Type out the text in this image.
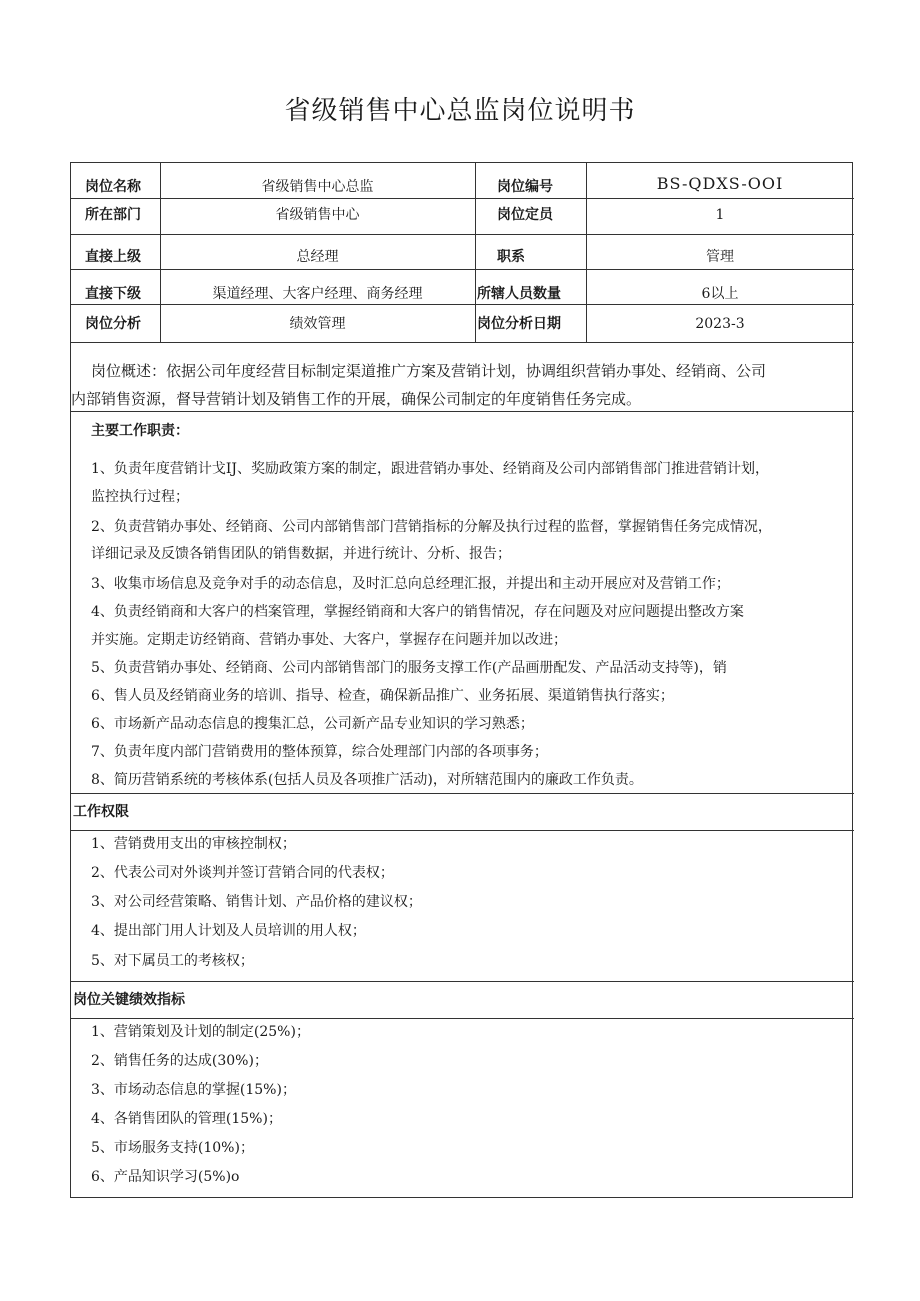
省级销售中心总监岗位说明书
岗位名称	省级销售中心总监	岗位编号	BS-QDXS-OOI
所在部门	省级销售中心	岗位定员	1
直接上级	总经理	职系	管理
直接下级	渠道经理、大客户经理、商务经理	所辖人员数量	6以上
岗位分析	绩效管理	岗位分析日期	2023-3
岗位概述：依据公司年度经营目标制定渠道推广方案及营销计划，协调组织营销办事处、经销商、公司
内部销售资源，督导营销计划及销售工作的开展，确保公司制定的年度销售任务完成。
主要工作职责：
1、负责年度营销计戈IJ、奖励政策方案的制定，跟进营销办事处、经销商及公司内部销售部门推进营销计划，
监控执行过程；
2、负责营销办事处、经销商、公司内部销售部门营销指标的分解及执行过程的监督，掌握销售任务完成情况，
详细记录及反馈各销售团队的销售数据，并进行统计、分析、报告；
3、收集市场信息及竞争对手的动态信息，及时汇总向总经理汇报，并提出和主动开展应对及营销工作；
4、负责经销商和大客户的档案管理，掌握经销商和大客户的销售情况，存在问题及对应问题提出整改方案
并实施。定期走访经销商、营销办事处、大客户，掌握存在问题并加以改进；
5、负责营销办事处、经销商、公司内部销售部门的服务支撑工作(产品画册配发、产品活动支持等)，销
6、售人员及经销商业务的培训、指导、检查，确保新品推广、业务拓展、渠道销售执行落实；
6、市场新产品动态信息的搜集汇总，公司新产品专业知识的学习熟悉；
7、负责年度内部门营销费用的整体预算，综合处理部门内部的各项事务；
8、简历营销系统的考核体系(包括人员及各项推广活动)，对所辖范围内的廉政工作负责。
工作权限
1、营销费用支出的审核控制权；
2、代表公司对外谈判并签订营销合同的代表权；
3、对公司经营策略、销售计划、产品价格的建议权；
4、提出部门用人计划及人员培训的用人权；
5、对下属员工的考核权；
岗位关键绩效指标
1、营销策划及计划的制定(25%)；
2、销售任务的达成(30%)；
3、市场动态信息的掌握(15%)；
4、各销售团队的管理(15%)；
5、市场服务支持(10%)；
6、产品知识学习(5%)o
